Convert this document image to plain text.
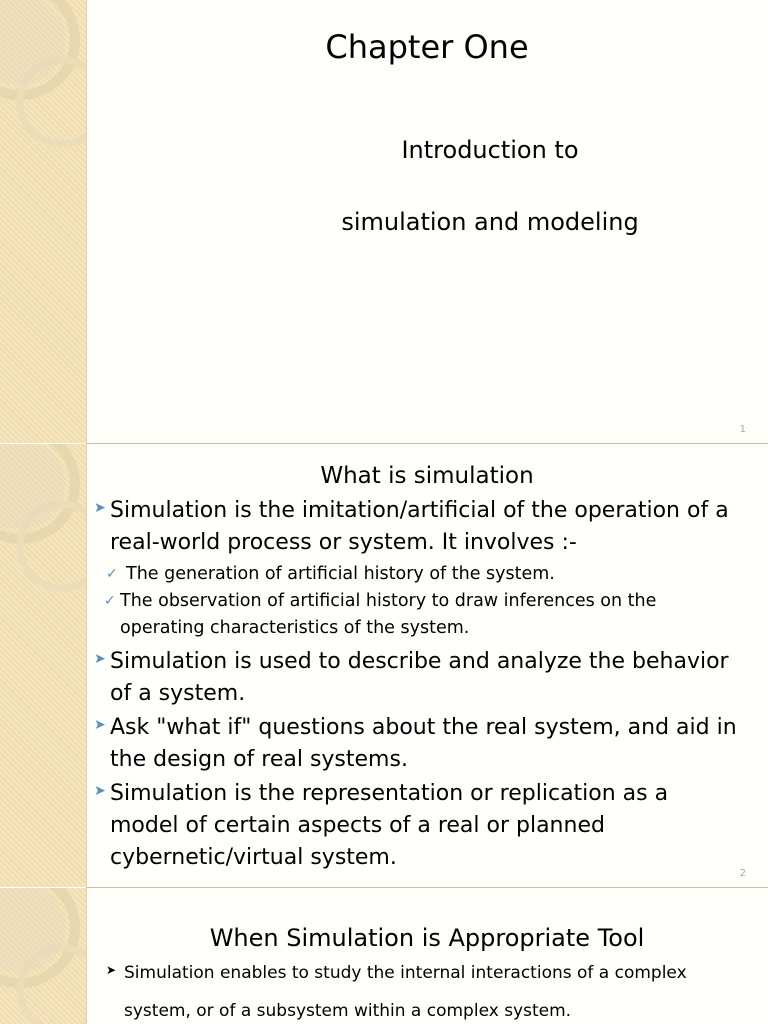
Chapter One
Introduction to
simulation and modeling
1
What is simulation
➤ Simulation is the imitation/artificial of the operation of a real-world process or system. It involves :-
✓ The generation of artificial history of the system.
✓ The observation of artificial history to draw inferences on the operating characteristics of the system.
➤ Simulation is used to describe and analyze the behavior of a system.
➤ Ask "what if" questions about the real system, and aid in the design of real systems.
➤ Simulation is the representation or replication as a model of certain aspects of a real or planned cybernetic/virtual system.
2
When Simulation is Appropriate Tool
➤ Simulation enables to study the internal interactions of a complex system, or of a subsystem within a complex system.
